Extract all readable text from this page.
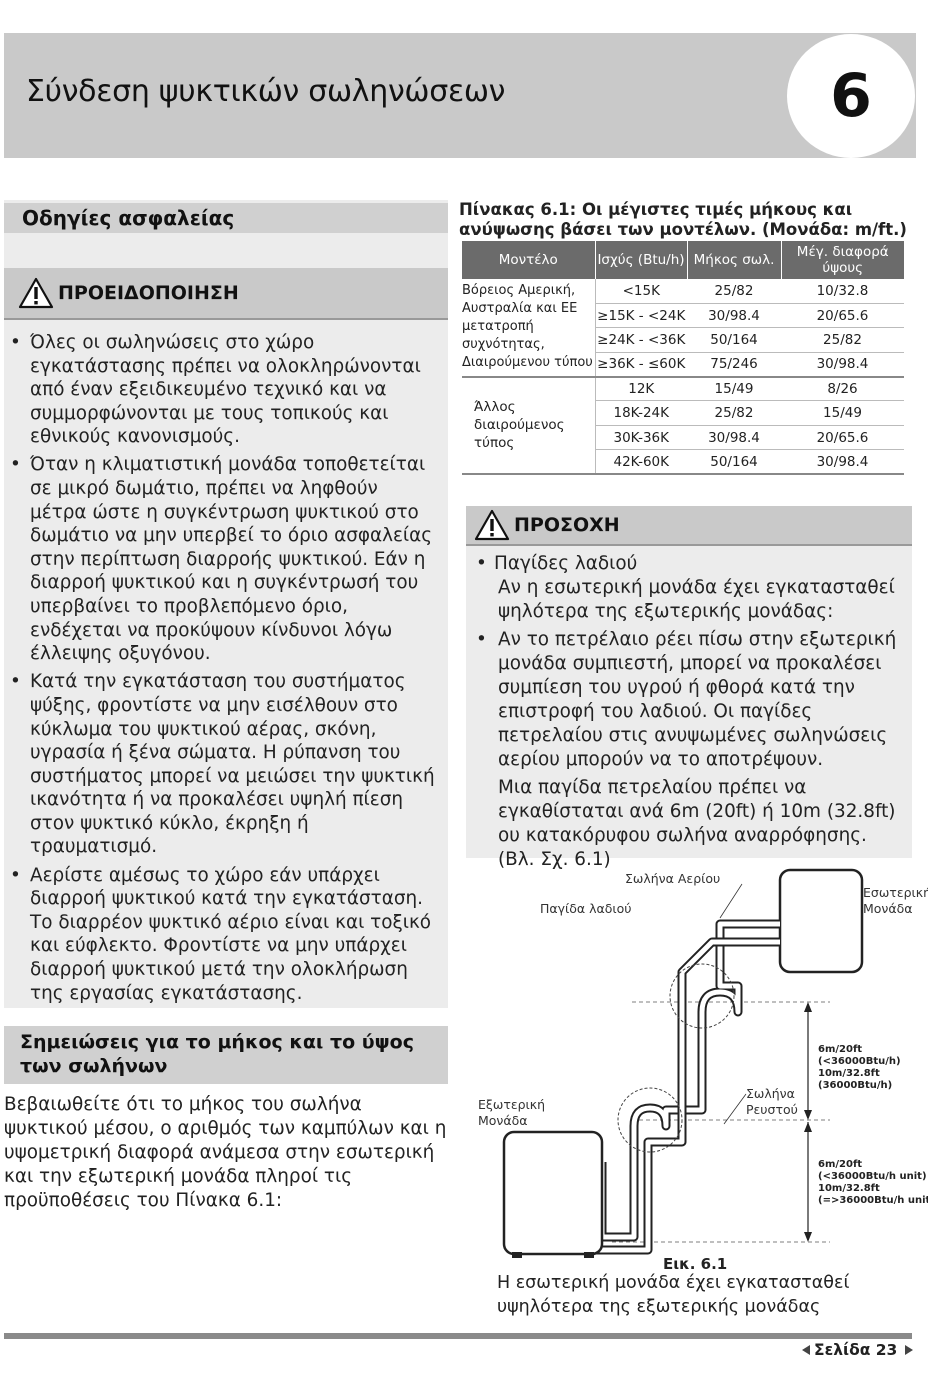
Σύνδεση ψυκτικών σωληνώσεων	6
Οδηγίες ασφαλείας
ΠΡΟΕΙΔΟΠΟΙΗΣΗ
• Όλες οι σωληνώσεις στο χώρο εγκατάστασης πρέπει να ολοκληρώνονται από έναν εξειδικευμένο τεχνικό και να συμμορφώνονται με τους τοπικούς και εθνικούς κανονισμούς.
• Όταν η κλιματιστική μονάδα τοποθετείται σε μικρό δωμάτιο, πρέπει να ληφθούν μέτρα ώστε η συγκέντρωση ψυκτικού στο δωμάτιο να μην υπερβεί το όριο ασφαλείας στην περίπτωση διαρροής ψυκτικού. Εάν η διαρροή ψυκτικού και η συγκέντρωσή του υπερβαίνει το προβλεπόμενο όριο, ενδέχεται να προκύψουν κίνδυνοι λόγω έλλειψης οξυγόνου.
• Κατά την εγκατάσταση του συστήματος ψύξης, φροντίστε να μην εισέλθουν στο κύκλωμα του ψυκτικού αέρας, σκόνη, υγρασία ή ξένα σώματα. Η ρύπανση του συστήματος μπορεί να μειώσει την ψυκτική ικανότητα ή να προκαλέσει υψηλή πίεση στον ψυκτικό κύκλο, έκρηξη ή τραυματισμό.
• Αερίστε αμέσως το χώρο εάν υπάρχει διαρροή ψυκτικού κατά την εγκατάσταση. Το διαρρέον ψυκτικό αέριο είναι και τοξικό και εύφλεκτο. Φροντίστε να μην υπάρχει διαρροή ψυκτικού μετά την ολοκλήρωση της εργασίας εγκατάστασης.
Σημειώσεις για το μήκος και το ύψος των σωλήνων

Βεβαιωθείτε ότι το μήκος του σωλήνα ψυκτικού μέσου, ο αριθμός των καμπύλων και η υψομετρική διαφορά ανάμεσα στην εσωτερική και την εξωτερική μονάδα πληροί τις προϋποθέσεις του Πίνακα 6.1:

Πίνακας 6.1: Οι μέγιστες τιμές μήκους και ανύψωσης βάσει των μοντέλων. (Μονάδα: m/ft.)
Μοντέλο	Ισχύς (Btu/h)	Μήκος σωλ.	Μέγ. διαφορά ύψους
Βόρειος Αμερική, Αυστραλία και ΕΕ μετατροπή συχνότητας, Διαιρούμενου τύπου	<15K	25/82	10/32.8
	≥15K - <24K	30/98.4	20/65.6
	≥24K - <36K	50/164	25/82
	≥36K - ≤60K	75/246	30/98.4
Άλλος διαιρούμενος τύπος	12K	15/49	8/26
	18K-24K	25/82	15/49
	30K-36K	30/98.4	20/65.6
	42K-60K	50/164	30/98.4
ΠΡΟΣΟΧΗ
• Παγίδες λαδιού
Αν η εσωτερική μονάδα έχει εγκατασταθεί ψηλότερα της εξωτερικής μονάδας:
• Αν το πετρέλαιο ρέει πίσω στην εξωτερική μονάδα συμπιεστή, μπορεί να προκαλέσει συμπίεση του υγρού ή φθορά κατά την επιστροφή του λαδιού. Οι παγίδες πετρελαίου στις ανυψωμένες σωληνώσεις αερίου μπορούν να το αποτρέψουν.
Μια παγίδα πετρελαίου πρέπει να εγκαθίσταται ανά 6m (20ft) ή 10m (32.8ft) ου κατακόρυφου σωλήνα αναρρόφησης. (Βλ. Σχ. 6.1)
Σωλήνα Αερίου
Παγίδα λαδιού
Εσωτερική
Μονάδα
Εξωτερική
Μονάδα
Σωλήνα
Ρευστού
6m/20ft
(<36000Btu/h)
10m/32.8ft
(36000Btu/h)
6m/20ft
(<36000Btu/h unit)
10m/32.8ft
(=>36000Btu/h unit)
Εικ. 6.1
Η εσωτερική μονάδα έχει εγκατασταθεί υψηλότερα της εξωτερικής μονάδας
Σελίδα 23
